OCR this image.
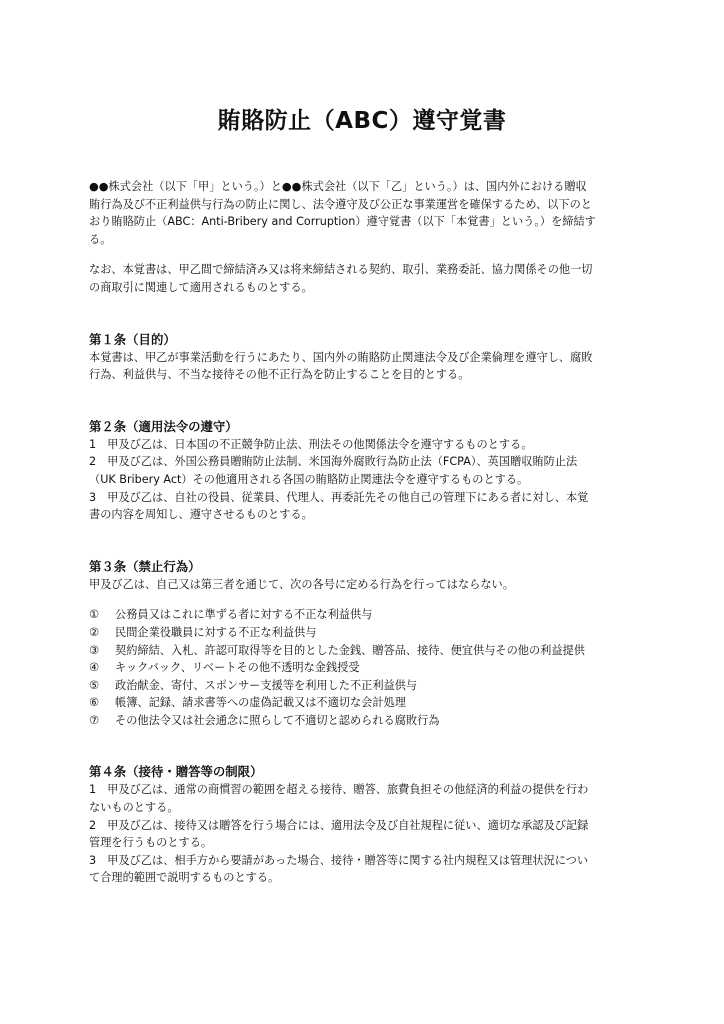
賄賂防止（ABC）遵守覚書

●●株式会社（以下「甲」という。）と●●株式会社（以下「乙」という。）は、国内外における贈収

賄行為及び不正利益供与行為の防止に関し、法令遵守及び公正な事業運営を確保するため、以下のと

おり賄賂防止（ABC：Anti-Bribery and Corruption）遵守覚書（以下「本覚書」という。）を締結す

る。

なお、本覚書は、甲乙間で締結済み又は将来締結される契約、取引、業務委託、協力関係その他一切

の商取引に関連して適用されるものとする。

第１条（目的）

本覚書は、甲乙が事業活動を行うにあたり、国内外の賄賂防止関連法令及び企業倫理を遵守し、腐敗

行為、利益供与、不当な接待その他不正行為を防止することを目的とする。

第２条（適用法令の遵守）

1　甲及び乙は、日本国の不正競争防止法、刑法その他関係法令を遵守するものとする。

2　甲及び乙は、外国公務員贈賄防止法制、米国海外腐敗行為防止法（FCPA）、英国贈収賄防止法

（UK Bribery Act）その他適用される各国の賄賂防止関連法令を遵守するものとする。

3　甲及び乙は、自社の役員、従業員、代理人、再委託先その他自己の管理下にある者に対し、本覚

書の内容を周知し、遵守させるものとする。

第３条（禁止行為）

甲及び乙は、自己又は第三者を通じて、次の各号に定める行為を行ってはならない。

①	公務員又はこれに準ずる者に対する不正な利益供与
②	民間企業役職員に対する不正な利益供与
③	契約締結、入札、許認可取得等を目的とした金銭、贈答品、接待、便宜供与その他の利益提供
④	キックバック、リベートその他不透明な金銭授受
⑤	政治献金、寄付、スポンサー支援等を利用した不正利益供与
⑥	帳簿、記録、請求書等への虚偽記載又は不適切な会計処理
⑦	その他法令又は社会通念に照らして不適切と認められる腐敗行為

第４条（接待・贈答等の制限）

1　甲及び乙は、通常の商慣習の範囲を超える接待、贈答、旅費負担その他経済的利益の提供を行わ

ないものとする。

2　甲及び乙は、接待又は贈答を行う場合には、適用法令及び自社規程に従い、適切な承認及び記録

管理を行うものとする。

3　甲及び乙は、相手方から要請があった場合、接待・贈答等に関する社内規程又は管理状況につい

て合理的範囲で説明するものとする。
